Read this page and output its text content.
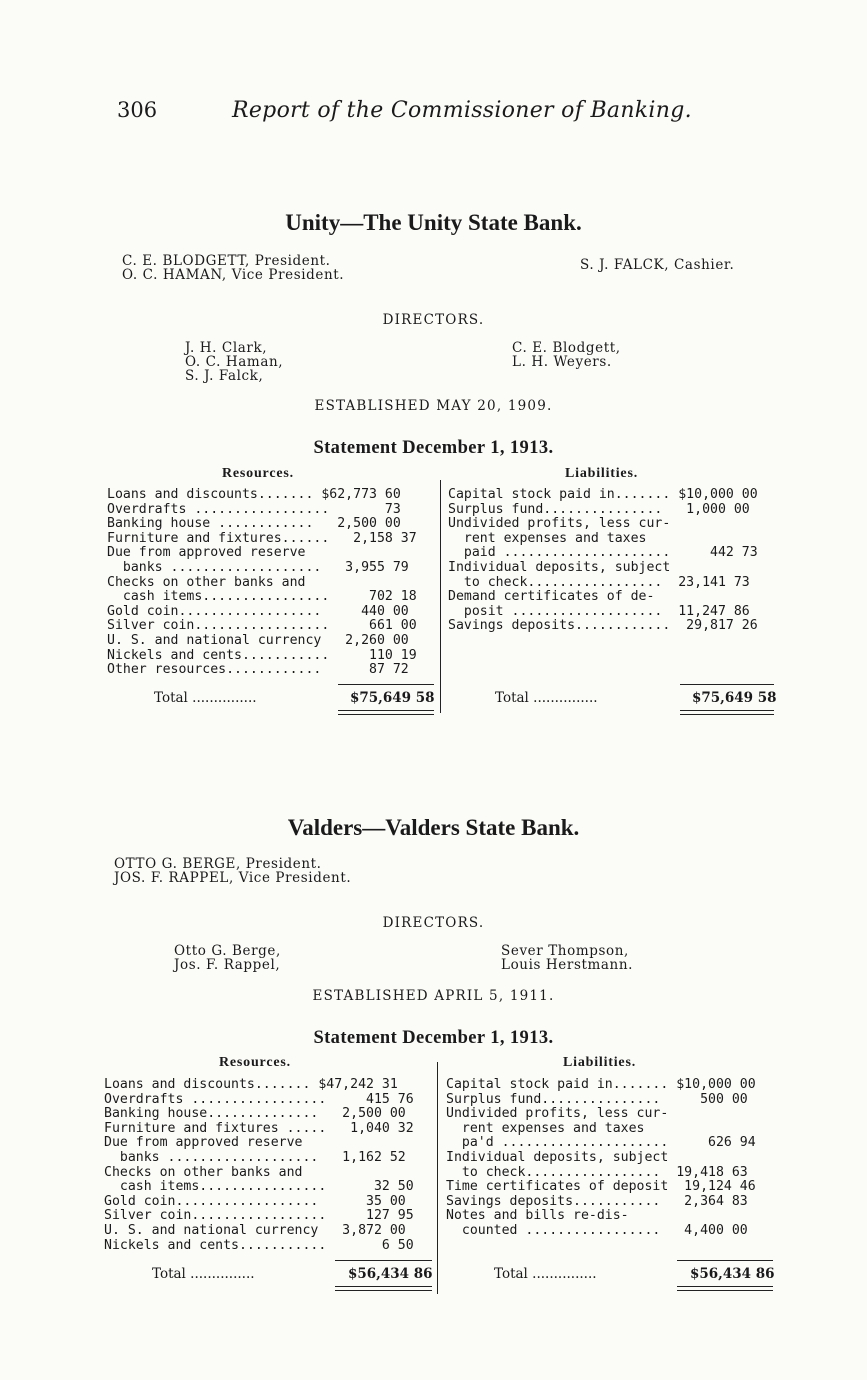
306	Report of the Commissioner of Banking.
Unity—The Unity State Bank.
C. E. BLODGETT, President.
O. C. HAMAN, Vice President.
S. J. FALCK, Cashier.
DIRECTORS.
J. H. Clark,
O. C. Haman,
S. J. Falck,
C. E. Blodgett,
L. H. Weyers.
ESTABLISHED MAY 20, 1909.
Statement December 1, 1913.
Resources.	Liabilities.
Loans and discounts....... $62,773 60
Overdrafts .................       73
Banking house ............   2,500 00
Furniture and fixtures......   2,158 37
Due from approved reserve
banks ...................   3,955 79
Checks on other banks and
cash items................     702 18
Gold coin..................     440 00
Silver coin.................     661 00
U. S. and national currency   2,260 00
Nickels and cents...........     110 19
Other resources............      87 72
Capital stock paid in....... $10,000 00
Surplus fund...............   1,000 00
Undivided profits, less cur-
rent expenses and taxes
paid .....................     442 73
Individual deposits, subject
to check.................  23,141 73
Demand certificates of de-
posit ...................  11,247 86
Savings deposits............  29,817 26
Total ...............	$75,649 58	Total ...............	$75,649 58
Valders—Valders State Bank.
OTTO G. BERGE, President.
JOS. F. RAPPEL, Vice President.
DIRECTORS.
Otto G. Berge,
Jos. F. Rappel,
Sever Thompson,
Louis Herstmann.
ESTABLISHED APRIL 5, 1911.
Statement December 1, 1913.
Resources.	Liabilities.
Loans and discounts....... $47,242 31
Overdrafts .................     415 76
Banking house..............   2,500 00
Furniture and fixtures .....   1,040 32
Due from approved reserve
banks ...................   1,162 52
Checks on other banks and
cash items................      32 50
Gold coin..................      35 00
Silver coin.................     127 95
U. S. and national currency   3,872 00
Nickels and cents...........       6 50
Capital stock paid in....... $10,000 00
Surplus fund...............     500 00
Undivided profits, less cur-
rent expenses and taxes
pa'd .....................     626 94
Individual deposits, subject
to check.................  19,418 63
Time certificates of deposit  19,124 46
Savings deposits...........   2,364 83
Notes and bills re-dis-
counted .................   4,400 00
Total ...............	$56,434 86	Total ...............	$56,434 86
